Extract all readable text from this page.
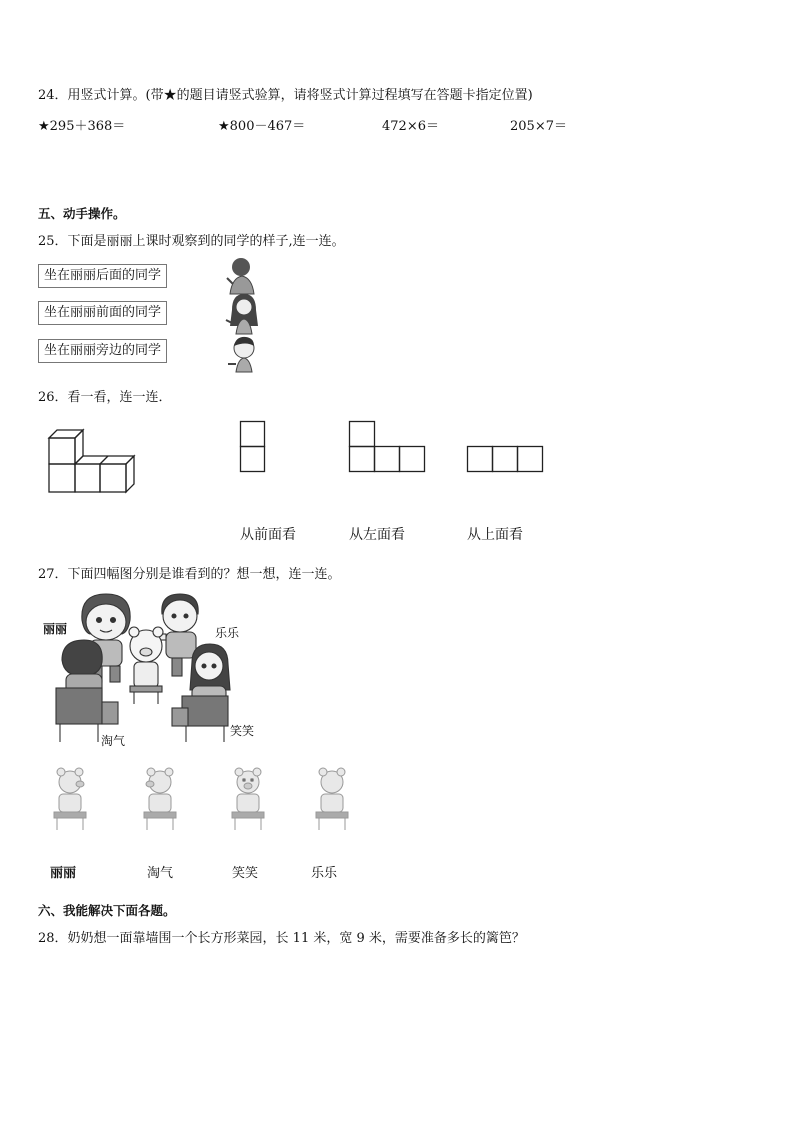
24．用竖式计算。(带★的题目请竖式验算，请将竖式计算过程填写在答题卡指定位置)
★295＋368＝	★800－467＝	472×6＝	205×7＝
五、动手操作。
25．下面是丽丽上课时观察到的同学的样子,连一连。
坐在丽丽后面的同学
坐在丽丽前面的同学
坐在丽丽旁边的同学
26．看一看，连一连．
从前面看	从左面看	从上面看
27．下面四幅图分别是谁看到的？想一想，连一连。
丽丽	乐乐
淘气
笑笑
丽丽	淘气	笑笑	乐乐
六、我能解决下面各题。
28．奶奶想一面靠墙围一个长方形菜园，长 11 米，宽 9 米，需要准备多长的篱笆？
